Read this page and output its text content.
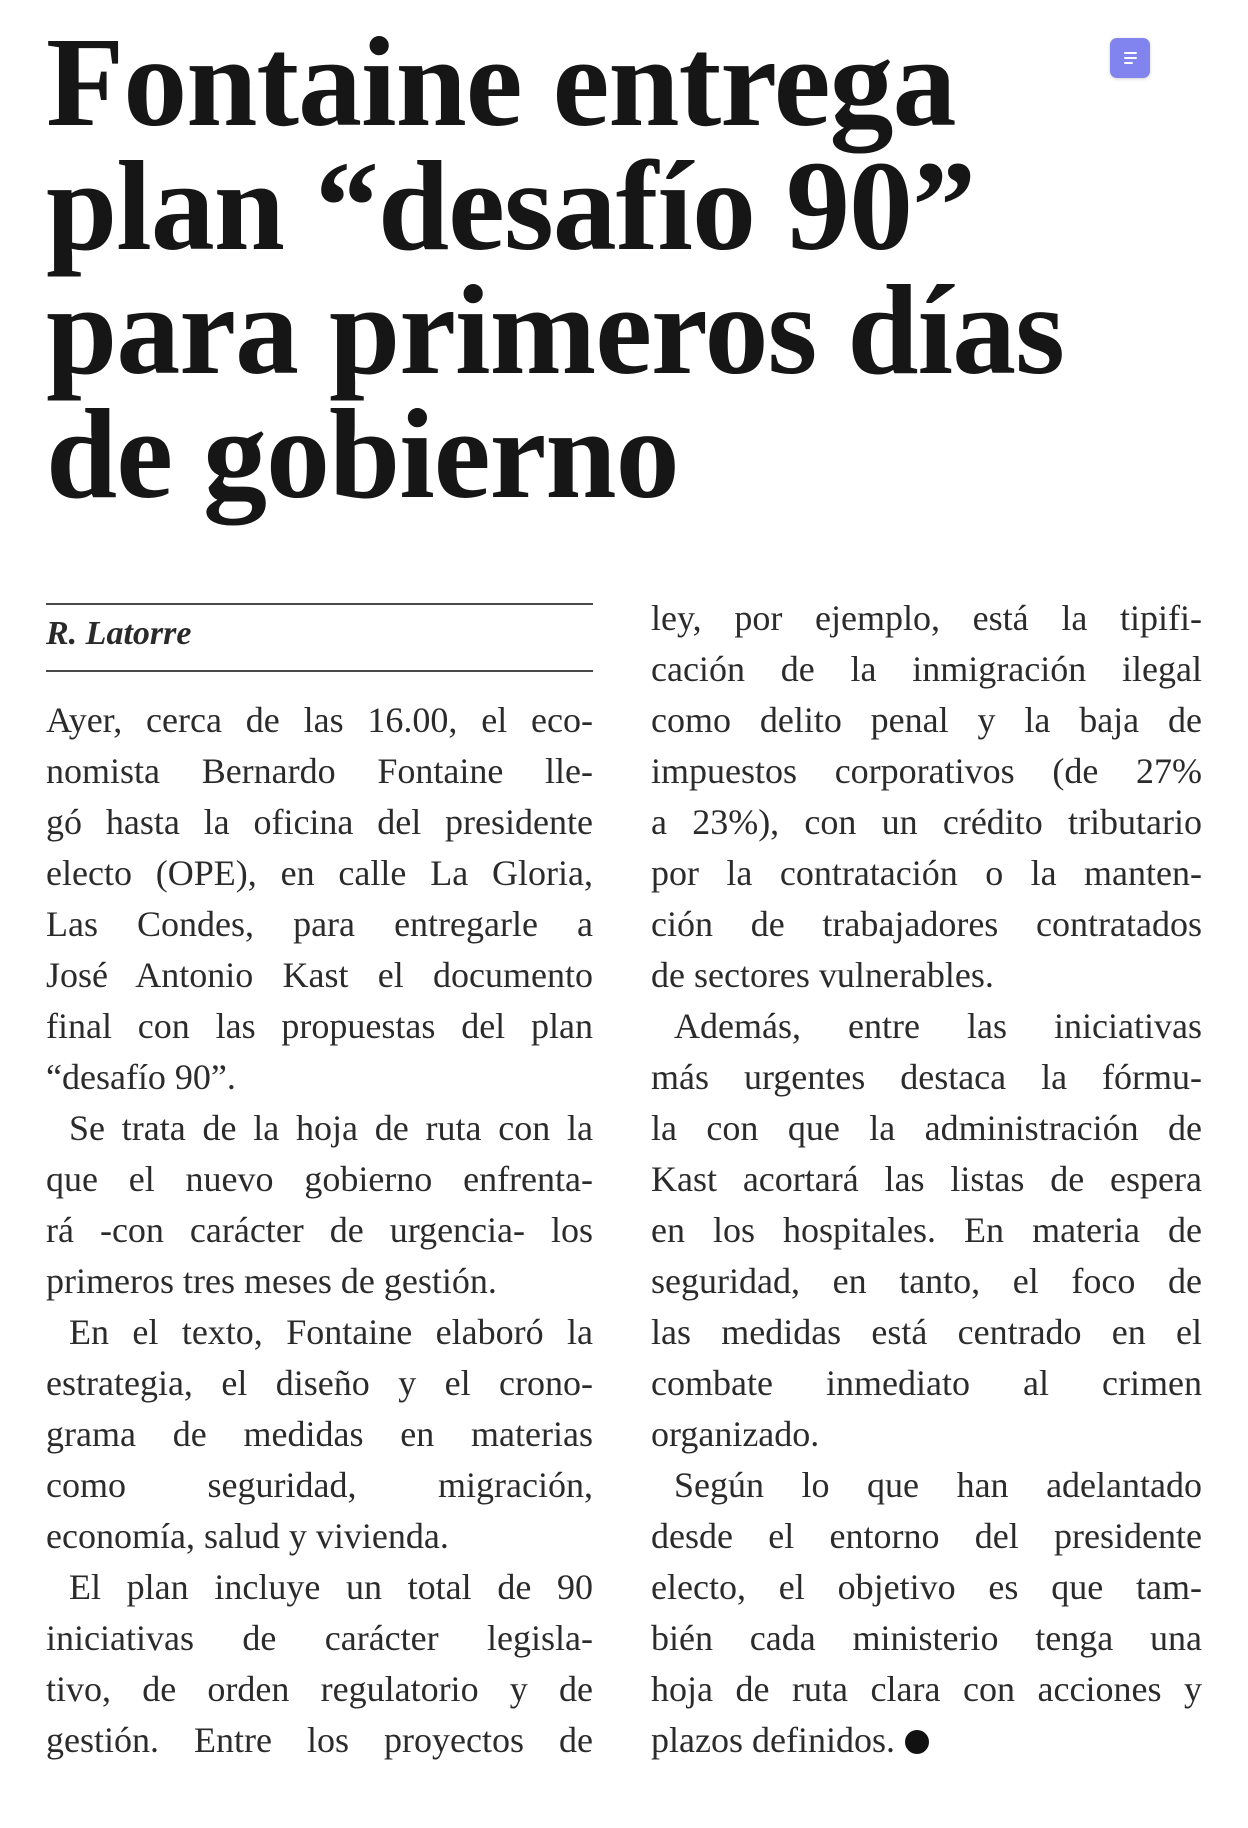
Fontaine entrega
plan “desafío 90”
para primeros días
de gobierno
R. Latorre
Ayer, cerca de las 16.00, el eco-
nomista Bernardo Fontaine lle-
gó hasta la oficina del presidente
electo (OPE), en calle La Gloria,
Las Condes, para entregarle a
José Antonio Kast el documento
final con las propuestas del plan
“desafío 90”.
Se trata de la hoja de ruta con la
que el nuevo gobierno enfrenta-
rá -con carácter de urgencia- los
primeros tres meses de gestión.
En el texto, Fontaine elaboró la
estrategia, el diseño y el crono-
grama de medidas en materias
como seguridad, migración,
economía, salud y vivienda.
El plan incluye un total de 90
iniciativas de carácter legisla-
tivo, de orden regulatorio y de
gestión. Entre los proyectos de
ley, por ejemplo, está la tipifi-
cación de la inmigración ilegal
como delito penal y la baja de
impuestos corporativos (de 27%
a 23%), con un crédito tributario
por la contratación o la manten-
ción de trabajadores contratados
de sectores vulnerables.
Además, entre las iniciativas
más urgentes destaca la fórmu-
la con que la administración de
Kast acortará las listas de espera
en los hospitales. En materia de
seguridad, en tanto, el foco de
las medidas está centrado en el
combate inmediato al crimen
organizado.
Según lo que han adelantado
desde el entorno del presidente
electo, el objetivo es que tam-
bién cada ministerio tenga una
hoja de ruta clara con acciones y
plazos definidos.
